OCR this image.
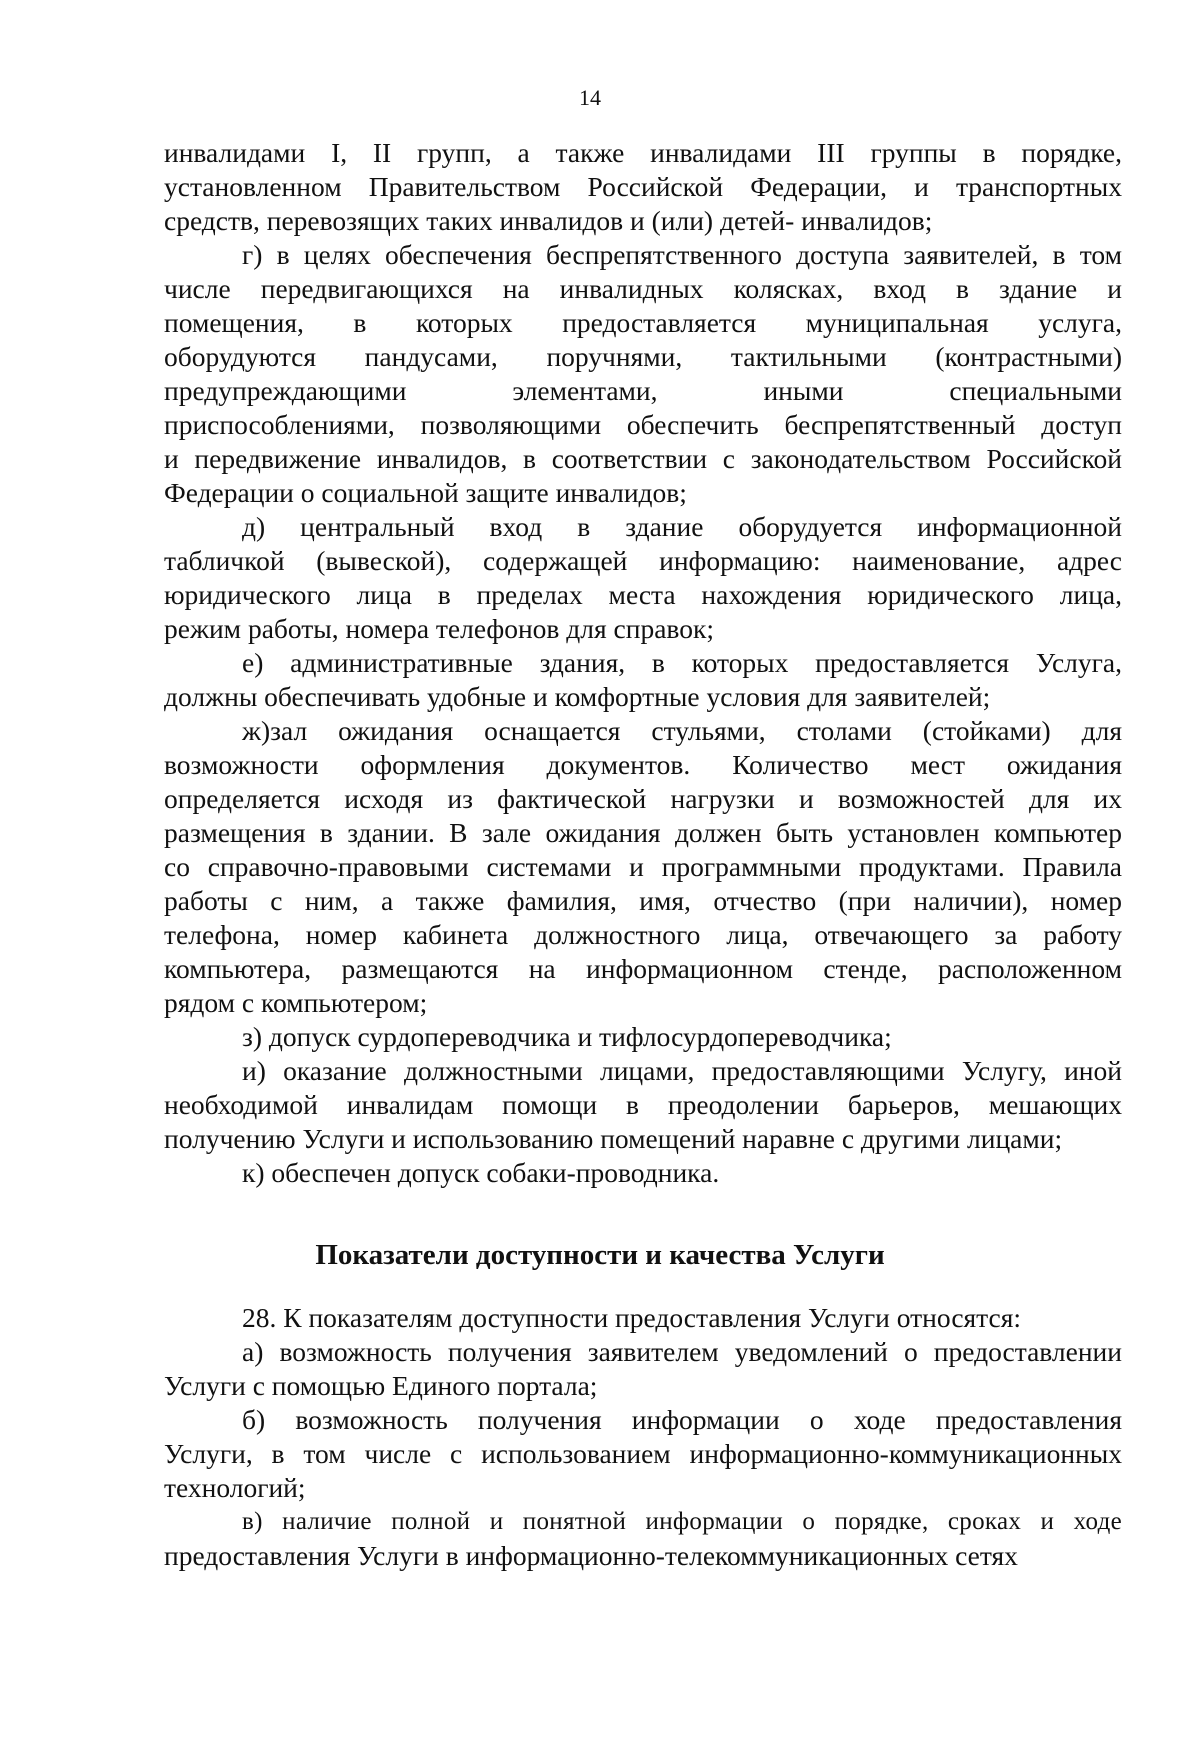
14
инвалидами I, II групп, а также инвалидами III группы в порядке,
установленном Правительством Российской Федерации, и транспортных
средств, перевозящих таких инвалидов и (или) детей- инвалидов;
г) в целях обеспечения беспрепятственного доступа заявителей, в том
числе передвигающихся на инвалидных колясках, вход в здание и
помещения, в которых предоставляется муниципальная услуга,
оборудуются пандусами, поручнями, тактильными (контрастными)
предупреждающими элементами, иными специальными
приспособлениями, позволяющими обеспечить беспрепятственный доступ
и передвижение инвалидов, в соответствии с законодательством Российской
Федерации о социальной защите инвалидов;
д) центральный вход в здание оборудуется информационной
табличкой (вывеской), содержащей информацию: наименование, адрес
юридического лица в пределах места нахождения юридического лица,
режим работы, номера телефонов для справок;
е) административные здания, в которых предоставляется Услуга,
должны обеспечивать удобные и комфортные условия для заявителей;
ж)зал ожидания оснащается стульями, столами (стойками) для
возможности оформления документов. Количество мест ожидания
определяется исходя из фактической нагрузки и возможностей для их
размещения в здании. В зале ожидания должен быть установлен компьютер
со справочно-правовыми системами и программными продуктами. Правила
работы с ним, а также фамилия, имя, отчество (при наличии), номер
телефона, номер кабинета должностного лица, отвечающего за работу
компьютера, размещаются на информационном стенде, расположенном
рядом с компьютером;
з) допуск сурдопереводчика и тифлосурдопереводчика;
и) оказание должностными лицами, предоставляющими Услугу, иной
необходимой инвалидам помощи в преодолении барьеров, мешающих
получению Услуги и использованию помещений наравне с другими лицами;
к) обеспечен допуск собаки-проводника.
Показатели доступности и качества Услуги
28. К показателям доступности предоставления Услуги относятся:
а) возможность получения заявителем уведомлений о предоставлении
Услуги с помощью Единого портала;
б) возможность получения информации о ходе предоставления
Услуги, в том числе с использованием информационно-коммуникационных
технологий;
в) наличие полной и понятной информации о порядке, сроках и ходе
предоставления Услуги в информационно-телекоммуникационных сетях
